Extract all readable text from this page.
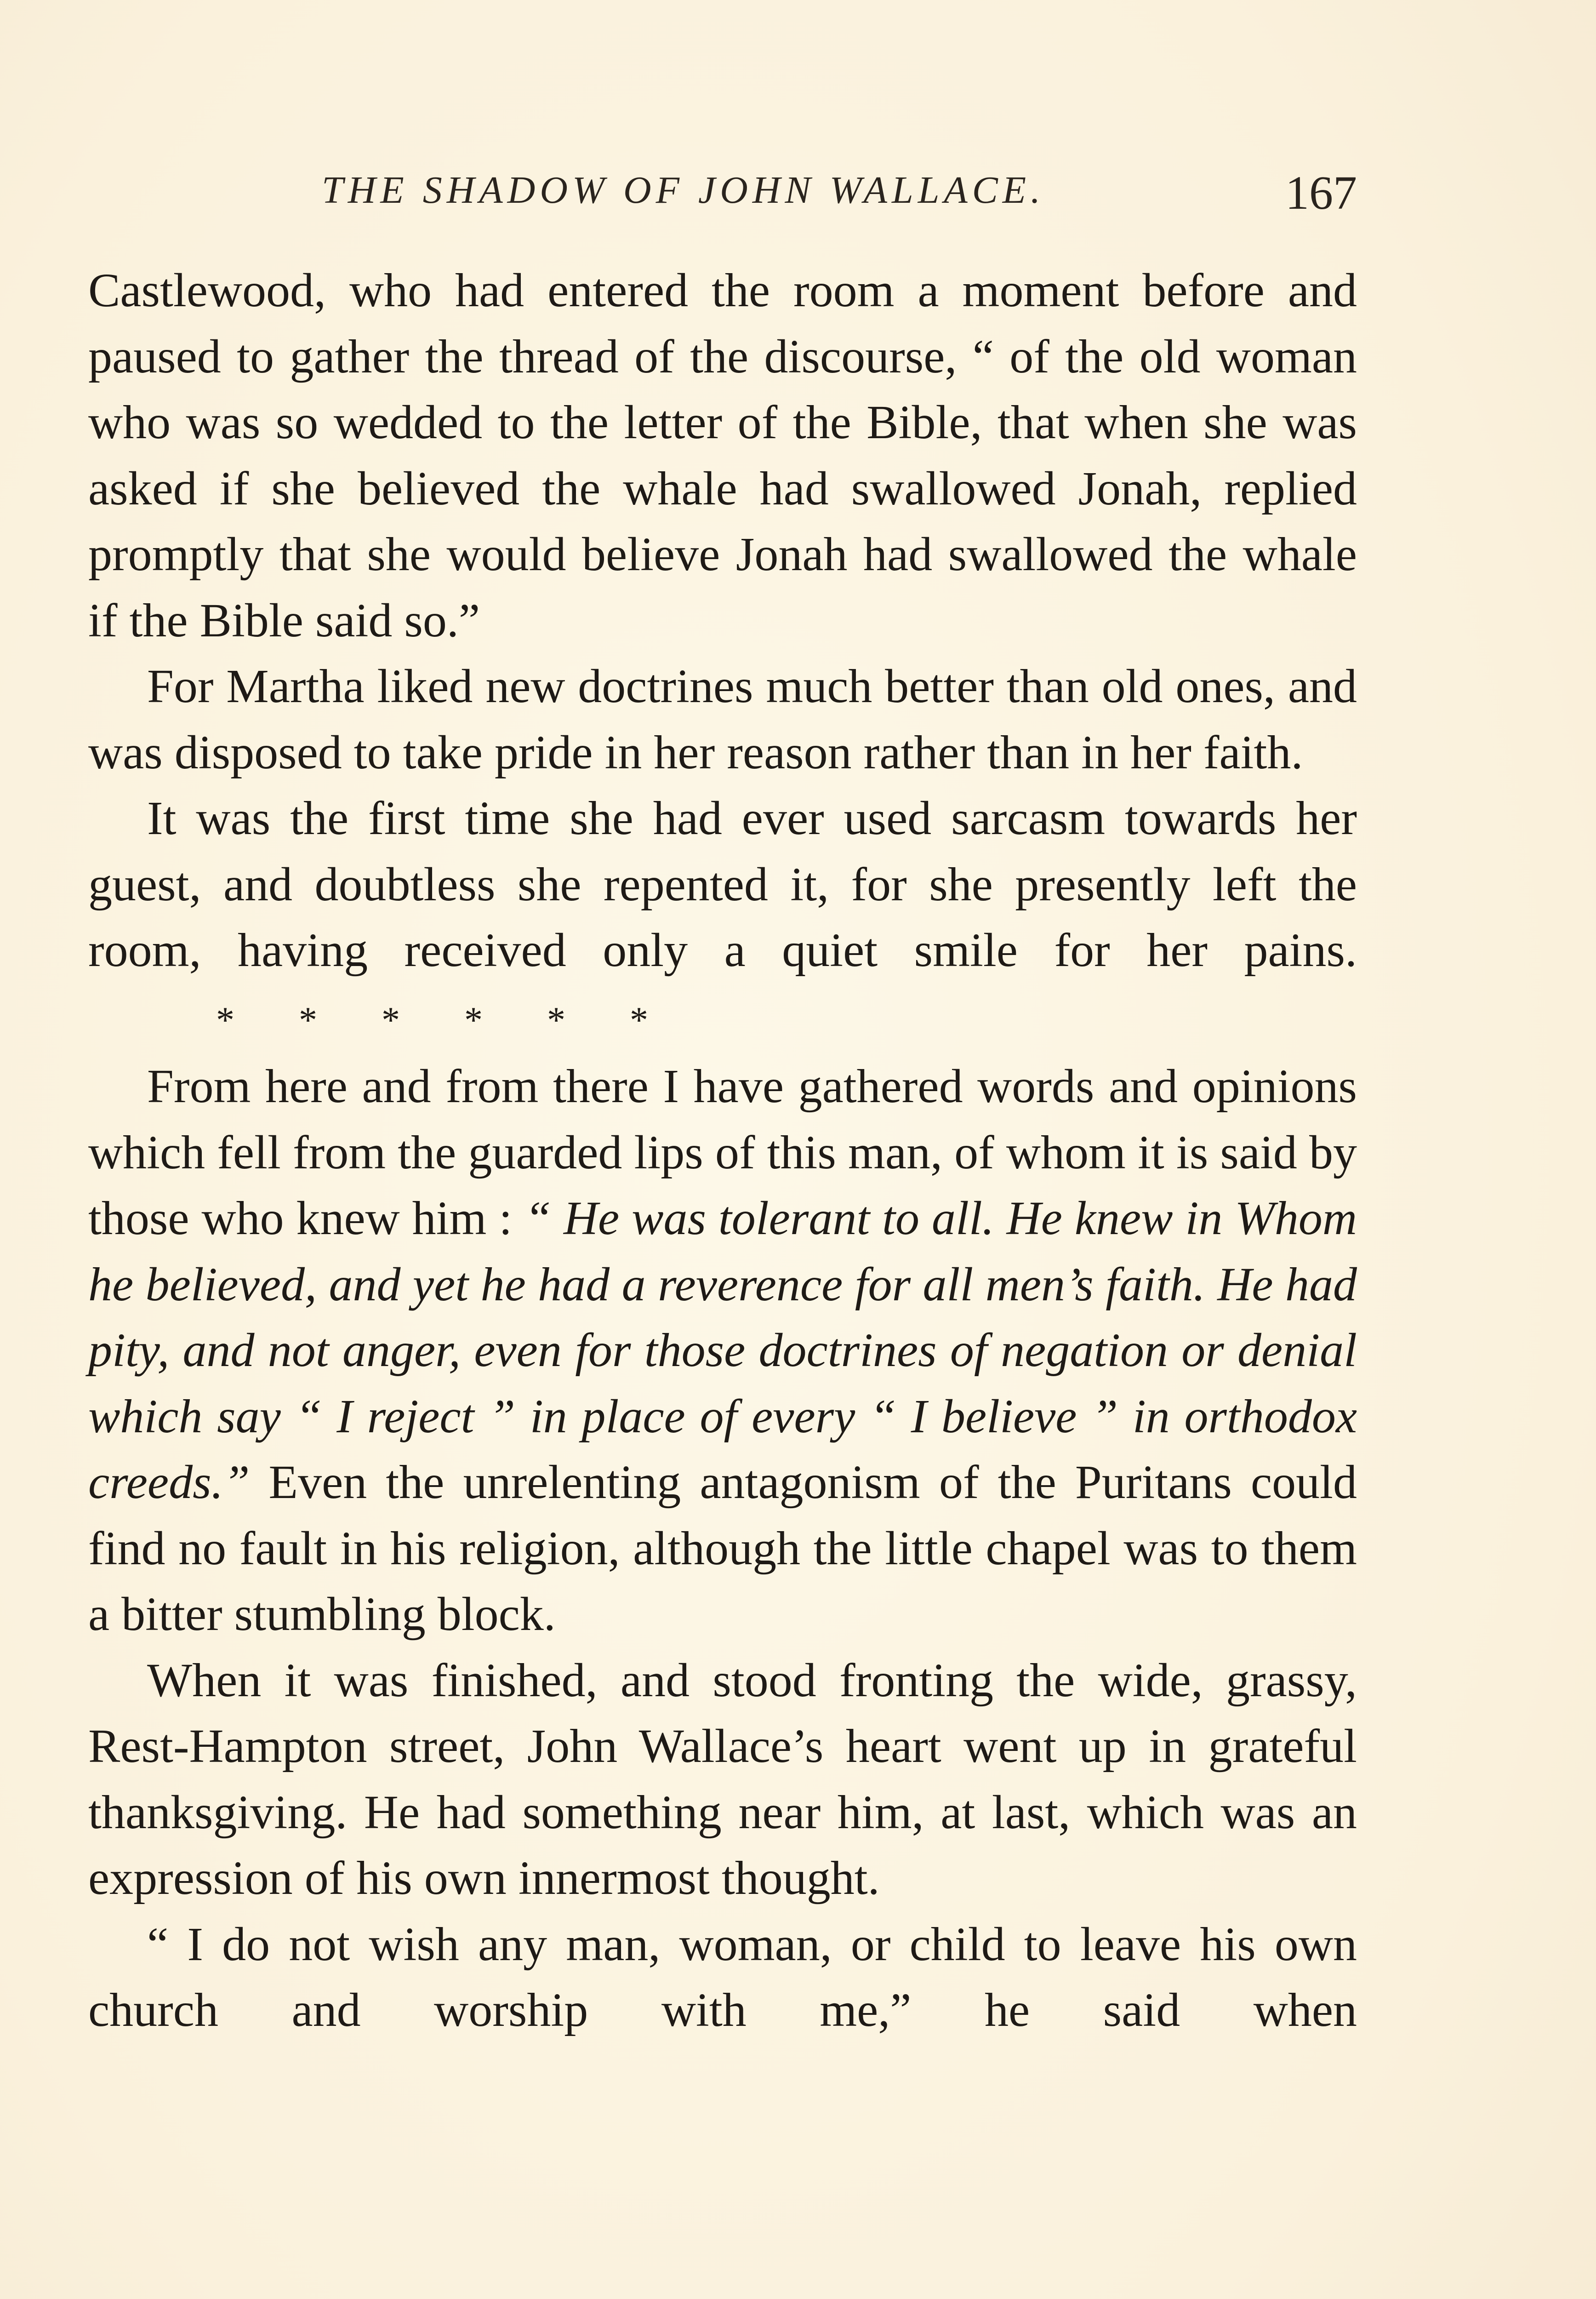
THE SHADOW OF JOHN WALLACE.	167

Castlewood, who had entered the room a moment before and paused to gather the thread of the discourse, “ of the old woman who was so wedded to the letter of the Bible, that when she was asked if she believed the whale had swallowed Jonah, replied promptly that she would believe Jonah had swallowed the whale if the Bible said so.”

For Martha liked new doctrines much better than old ones, and was disposed to take pride in her reason rather than in her faith.

It was the first time she had ever used sarcasm towards her guest, and doubtless she repented it, for she presently left the room, having received only a quiet smile for her pains.* * * * * *

From here and from there I have gathered words and opinions which fell from the guarded lips of this man, of whom it is said by those who knew him : “ He was tolerant to all. He knew in Whom he believed, and yet he had a reverence for all men’s faith. He had pity, and not anger, even for those doctrines of negation or denial which say “ I reject ” in place of every “ I believe ” in orthodox creeds.” Even the unrelenting antagonism of the Puritans could find no fault in his religion, although the little chapel was to them a bitter stumbling block.

When it was finished, and stood fronting the wide, grassy, Rest-Hampton street, John Wallace’s heart went up in grateful thanksgiving. He had something near him, at last, which was an expression of his own innermost thought.

“ I do not wish any man, woman, or child to leave his own church and worship with me,” he said when
